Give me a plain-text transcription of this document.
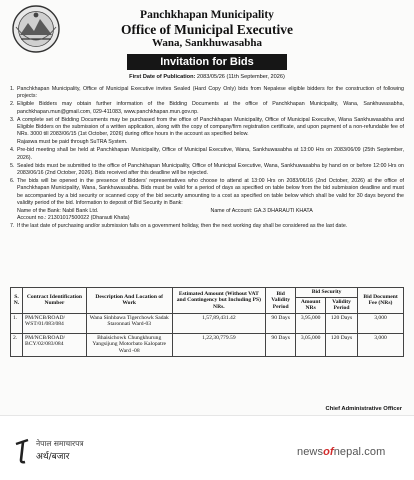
Panchkhapan Municipality
Office of Municipal Executive
Wana, Sankhuwasabha
Invitation for Bids
First Date of Publication: 2083/05/26 (11th September, 2026)
1. Panchkhapan Municipality, Office of Municipal Executive invites Sealed (Hard Copy Only) bids from Nepalese eligible bidders for the construction of following projects:
2. Eligible Bidders may obtain further information of the Bidding Documents at the office of Panchkhapan Municipality, Wana, Sankhuwasabha, panchkhapan.mun@gmail.com, 029-411083, www.panchkhapan.mun.gov.np.
3. A complete set of Bidding Documents may be purchased from the office of Panchkhapan Municipality, Office of Municipal Executive, Wana Sankhuwasabha and Eligible Bidders on the submission of a written application, along with the copy of company/firm registration certificate, and upon payment of a non-refundable fee of NRs. 3000 till 2083/06/15 (1st October, 2026) during office hours in the account as specified below.
Rajaswa must be paid through SuTRA System.
4. Pre-bid meeting shall be held at Panchkhapan Municipality, Office of Municipal Executive, Wana, Sankhuwasabha at 13:00 Hrs on 2083/06/09 (25th September, 2026).
5. Sealed bids must be submitted to the office of Panchkhapan Municipality, Office of Municipal Executive, Wana, Sankhuwasabha by hand on or before 12:00 Hrs on 2083/06/16 (2nd October, 2026). Bids received after this deadline will be rejected.
6. The bids will be opened in the presence of Bidders' representatives who choose to attend at 13:00 Hrs on 2083/06/16 (2nd October, 2026) at the office of Panchkhapan Municipality, Wana, Sankhuwasabha. Bids must be valid for a period of days as specified on table below from the bid submission deadline and must be accompanied by a bid security or scanned copy of the bid security amounting to a cost as specified on table below which shall be valid for 30 days beyond the validity period of the bid. Information to deposit of Bid Security in Bank:
Name of the Bank: Nabil Bank Ltd.	Name of Account: GA.3 DHARAUTI KHATA
Account no.: 21301017500022 (Dharauti Khata)
7. If the last date of purchasing and/or submission falls on a government holiday, then the next working day shall be considered as the last date.
S. N.	Contract Identification Number	Description And Location of Work	Estimated Amount (Without VAT and Contingency but Including PS) NRs.	Bid Validity Period	Bid Security		Bid Document Fee (NRs)
					Amount NRs	Validity Period	
1.	PM/NCB/ROAD/ WST/01/083/084	Wana Sinhbawa Tigerchowk Sadak Staronnati Ward-03	1,57,89,431.42	90 Days	3,95,000	120 Days	3,000
2.	PM/NCB/ROAD/ BCY/02/083/084	Bhaisichowk Chungkhurung Yangsijung Motorbato Kalopatre Ward -08	1,22,30,779.59	90 Days	3,05,000	120 Days	3,000
Chief Administrative Officer
नेपाल समाचारपत्र
अर्थ/बजार	newsofnepal.com
